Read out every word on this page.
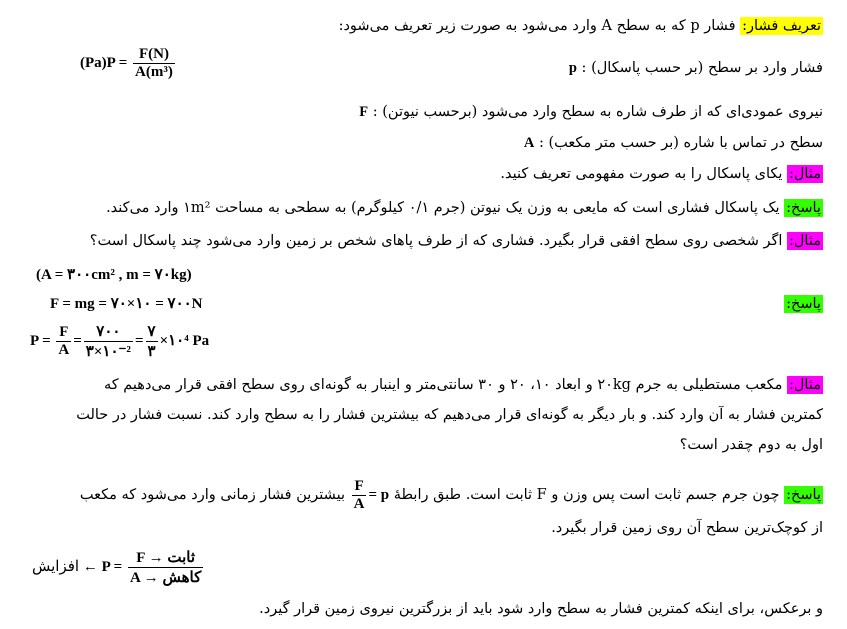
تعریف فشار: فشار p که به سطح A وارد می‌شود به صورت زیر تعریف می‌شود:
$(Pa)P = \frac{F(N)}{\text{A(m³)}}$	p : فشار وارد بر سطح (بر حسب پاسکال)
F : نیروی عمودی‌ای که از طرف شاره به سطح وارد می‌شود (برحسب نیوتن)
A : سطح در تماس با شاره (بر حسب متر مکعب)
مثال: یکای پاسکال را به صورت مفهومی تعریف کنید.
پاسخ: یک پاسکال فشاری است که مایعی به وزن یک نیوتن (جرم ۰/۱ کیلوگرم) به سطحی به مساحت ۱m² وارد می‌کند.
مثال: اگر شخصی روی سطح افقی قرار بگیرد. فشاری که از طرف پاهای شخص بر زمین وارد می‌شود چند پاسکال است؟
(A = ۳۰۰cm² , m = ۷۰kg)
F = mg = ۷۰×۱۰ = ۷۰۰N	پاسخ:
$P = \frac{F}{A} = \frac{۷۰۰}{\text{۳×۱۰⁻²}} = \frac{۷}{۳}$ ×۱۰⁴ Pa
مثال: مکعب مستطیلی به جرم ۲۰kg و ابعاد ۱۰، ۲۰ و ۳۰ سانتی‌متر و اینبار به گونه‌ای روی سطح افقی قرار می‌دهیم که
کمترین فشار به آن وارد کند. و بار دیگر به گونه‌ای قرار می‌دهیم که بیشترین فشار را به سطح وارد کند. نسبت فشار در حالت
اول به دوم چقدر است؟
پاسخ: چون جرم جسم ثابت است پس وزن و F ثابت است. طبق رابطهٔ p =
$\frac{F}{A}$
بیشترین فشار زمانی وارد می‌شود که مکعب
از کوچک‌ترین سطح آن روی زمین قرار بگیرد.
افزایش ← $P = \frac{\text{F → ثابت}}{\text{A → کاهش}}$
و برعکس، برای اینکه کمترین فشار به سطح وارد شود باید از بزرگترین نیروی زمین قرار گیرد.
